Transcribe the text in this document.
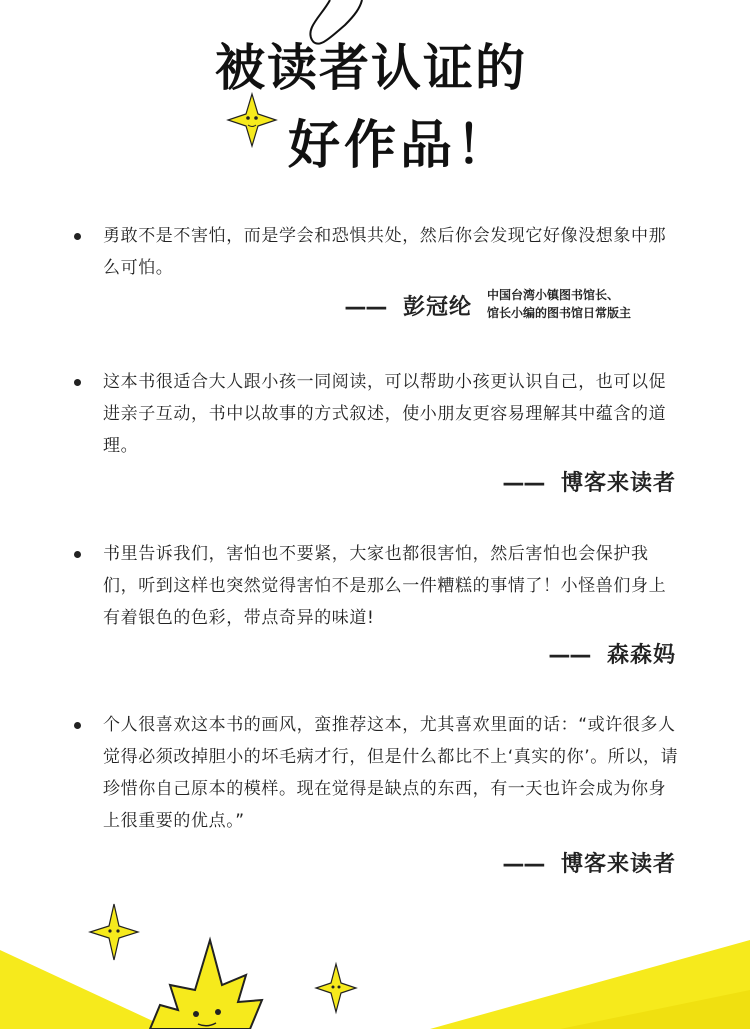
被读者认证的
好作品！

勇敢不是不害怕，而是学会和恐惧共处，然后你会发现它好像没想象中那么可怕。

—— 彭冠纶 中国台湾小镇图书馆长、
馆长小编的图书馆日常版主

这本书很适合大人跟小孩一同阅读，可以帮助小孩更认识自己，也可以促进亲子互动，书中以故事的方式叙述，使小朋友更容易理解其中蕴含的道理。

—— 博客来读者

书里告诉我们，害怕也不要紧，大家也都很害怕，然后害怕也会保护我们，听到这样也突然觉得害怕不是那么一件糟糕的事情了！小怪兽们身上有着银色的色彩，带点奇异的味道!

—— 森森妈

个人很喜欢这本书的画风，蛮推荐这本，尤其喜欢里面的话：“或许很多人觉得必须改掉胆小的坏毛病才行，但是什么都比不上‘真实的你’。所以，请珍惜你自己原本的模样。现在觉得是缺点的东西，有一天也许会成为你身上很重要的优点。”

—— 博客来读者
